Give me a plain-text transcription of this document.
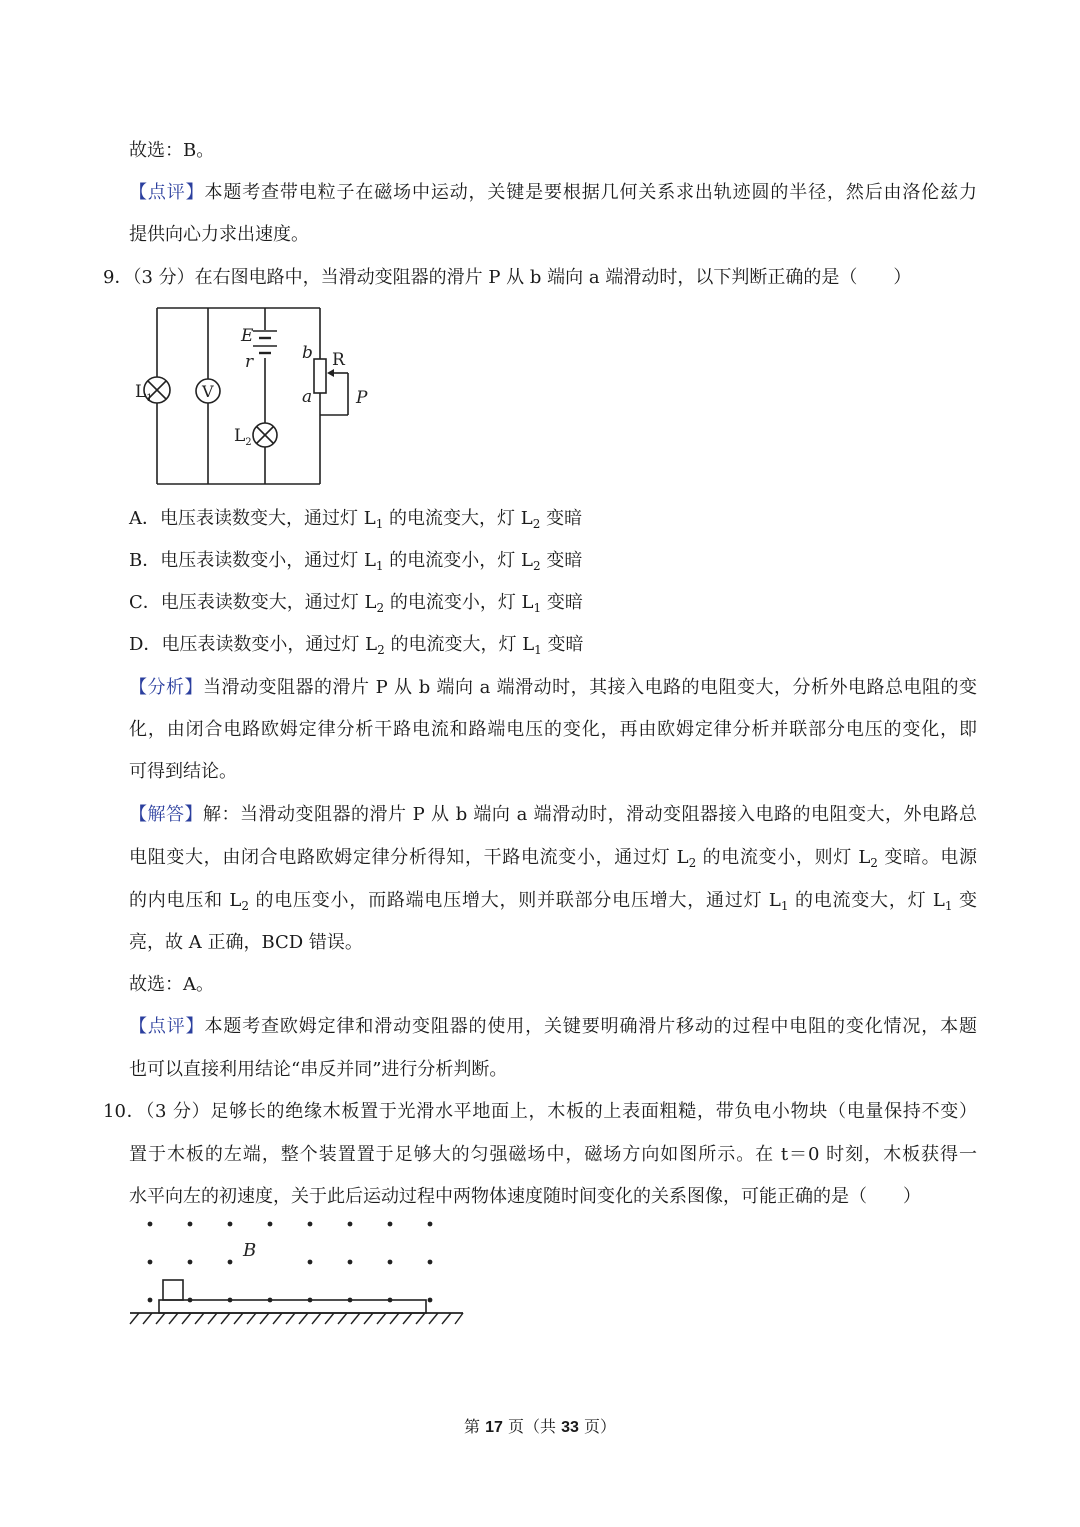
故选：B。
【点评】本题考查带电粒子在磁场中运动，关键是要根据几何关系求出轨迹圆的半径，然后由洛伦兹力
提供向心力求出速度。
9．（3 分）在右图电路中，当滑动变阻器的滑片 P 从 b 端向 a 端滑动时，以下判断正确的是（　　）
$L_1$	V
E
r
$L_2$
b
a
R
P
A．电压表读数变大，通过灯 $L_1$ 的电流变大，灯 $L_2$ 变暗
B．电压表读数变小，通过灯 $L_1$ 的电流变小，灯 $L_2$ 变暗
C．电压表读数变大，通过灯 $L_2$ 的电流变小，灯 $L_1$ 变暗
D．电压表读数变小，通过灯 $L_2$ 的电流变大，灯 $L_1$ 变暗
【分析】当滑动变阻器的滑片 P 从 b 端向 a 端滑动时，其接入电路的电阻变大，分析外电路总电阻的变
化，由闭合电路欧姆定律分析干路电流和路端电压的变化，再由欧姆定律分析并联部分电压的变化，即
可得到结论。
【解答】解：当滑动变阻器的滑片 P 从 b 端向 a 端滑动时，滑动变阻器接入电路的电阻变大，外电路总
电阻变大，由闭合电路欧姆定律分析得知，干路电流变小，通过灯 $L_2$ 的电流变小，则灯 $L_2$ 变暗。电源
的内电压和 $L_2$ 的电压变小，而路端电压增大，则并联部分电压增大，通过灯 $L_1$ 的电流变大，灯 $L_1$ 变
亮，故 A 正确，BCD 错误。
故选：A。
【点评】本题考查欧姆定律和滑动变阻器的使用，关键要明确滑片移动的过程中电阻的变化情况，本题
也可以直接利用结论“串反并同”进行分析判断。
10．（3 分）足够长的绝缘木板置于光滑水平地面上，木板的上表面粗糙，带负电小物块（电量保持不变）
置于木板的左端，整个装置置于足够大的匀强磁场中，磁场方向如图所示。在 t＝0 时刻，木板获得一
水平向左的初速度，关于此后运动过程中两物体速度随时间变化的关系图像，可能正确的是（　　）
B
第 17 页（共 33 页）
